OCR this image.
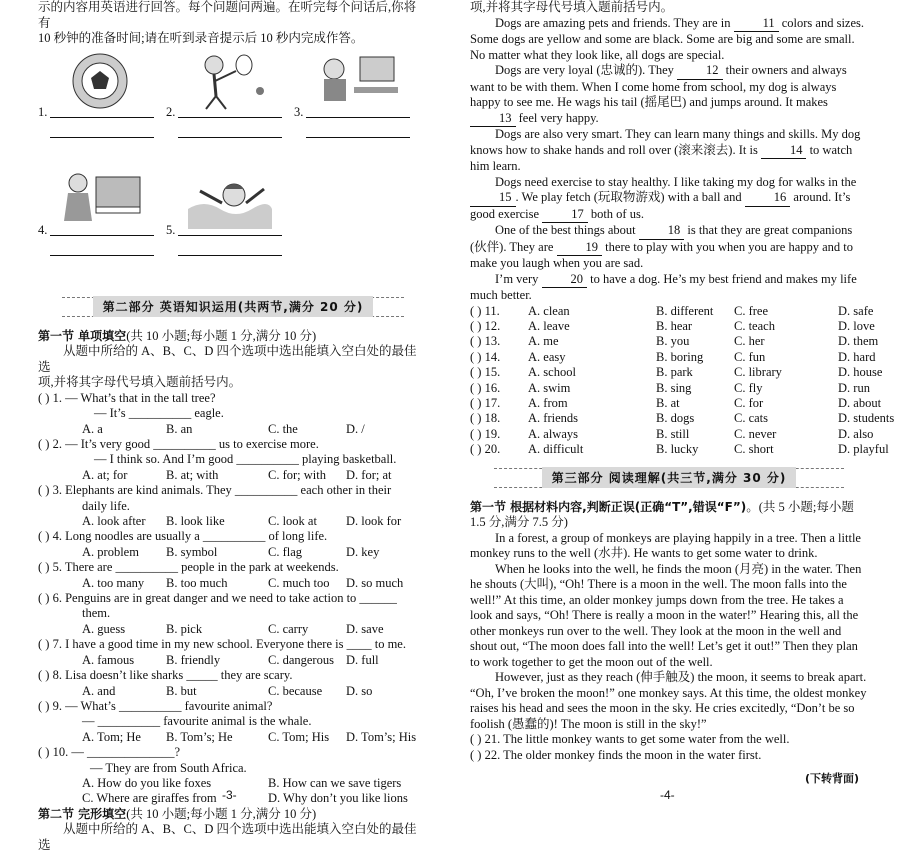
示的内容用英语进行回答。每个问题问两遍。在听完每个问话后,你将有

10 秒钟的准备时间;请在听到录音提示后 10 秒内完成作答。

1.	2.	3.
4.	5.
第二部分 英语知识运用(共两节,满分 20 分)

第一节 单项填空(共 10 小题;每小题 1 分,满分 10 分)

从题中所给的 A、B、C、D 四个选项中选出能填入空白处的最佳选

项,并将其字母代号填入题前括号内。

( ) 1. — What’s that in the tall tree?
— It’s __________ eagle.
A. a	B. an	C. the	D. /
( ) 2. — It’s very good __________ us to exercise more.
— I think so. And I’m good __________ playing basketball.
A. at; for	B. at; with	C. for; with	D. for; at
( ) 3. Elephants are kind animals. They __________ each other in their
daily life.
A. look after	B. look like	C. look at	D. look for
( ) 4. Long noodles are usually a __________ of long life.
A. problem	B. symbol	C. flag	D. key
( ) 5. There are __________ people in the park at weekends.
A. too many	B. too much	C. much too	D. so much
( ) 6. Penguins are in great danger and we need to take action to ______
them.
A. guess	B. pick	C. carry	D. save
( ) 7. I have a good time in my new school. Everyone there is ____ to me.
A. famous	B. friendly	C. dangerous D. full
( ) 8. Lisa doesn’t like sharks _____ they are scary.
A. and	B. but	C. because	D. so
( ) 9. — What’s __________ favourite animal?
— __________ favourite animal is the whale.
A. Tom; He	B. Tom’s; He	C. Tom; His	D. Tom’s; His
( ) 10. — ______________?
— They are from South Africa.
A. How do you like foxes	B. How can we save tigers
C. Where are giraffes from	D. Why don’t you like lions

第二节 完形填空(共 10 小题;每小题 1 分,满分 10 分)

从题中所给的 A、B、C、D 四个选项中选出能填入空白处的最佳选

项,并将其字母代号填入题前括号内。

Dogs are amazing pets and friends. They are in 11 colors and sizes. Some dogs are yellow and some are black. Some are big and some are small. No matter what they look like, all dogs are special.

Dogs are very loyal (忠诚的). They 12 their owners and always want to be with them. When I come home from school, my dog is always happy to see me. He wags his tail (摇尾巴) and jumps around. It makes 13 feel very happy.

Dogs are also very smart. They can learn many things and skills. My dog knows how to shake hands and roll over (滚来滚去). It is 14 to watch him learn.

Dogs need exercise to stay healthy. I like taking my dog for walks in the 15 . We play fetch (玩取物游戏) with a ball and 16 around. It’s good exercise 17 both of us.

One of the best things about 18 is that they are great companions (伙伴). They are 19 there to play with you when you are happy and to make you laugh when you are sad.

I’m very 20 to have a dog. He’s my best friend and makes my life much better.

( ) 11.	A. clean	B. different	C. free	D. safe
( ) 12.	A. leave	B. hear	C. teach	D. love
( ) 13.	A. me	B. you	C. her	D. them
( ) 14.	A. easy	B. boring	C. fun	D. hard
( ) 15.	A. school	B. park	C. library	D. house
( ) 16.	A. swim	B. sing	C. fly	D. run
( ) 17.	A. from	B. at	C. for	D. about
( ) 18.	A. friends	B. dogs	C. cats	D. students
( ) 19.	A. always	B. still	C. never	D. also
( ) 20.	A. difficult	B. lucky	C. short	D. playful
第三部分 阅读理解(共三节,满分 30 分)

第一节 根据材料内容,判断正误(正确“T”,错误“F”)。(共 5 小题;每小题 1.5 分,满分 7.5 分)

In a forest, a group of monkeys are playing happily in a tree. Then a little monkey runs to the well (水井). He wants to get some water to drink.

When he looks into the well, he finds the moon (月亮) in the water. Then he shouts (大叫), “Oh! There is a moon in the well. The moon falls into the well!” At this time, an older monkey jumps down from the tree. He takes a look and says, “Oh! There is really a moon in the water!” Hearing this, all the other monkeys run over to the well. They look at the moon in the well and shout out, “The moon does fall into the well! Let’s get it out!” Then they plan to work together to get the moon out of the well.

However, just as they reach (伸手触及) the moon, it seems to break apart. “Oh, I’ve broken the moon!” one monkey says. At this time, the oldest monkey raises his head and sees the moon in the sky. He cries excitedly, “Don’t be so foolish (愚蠢的)! The moon is still in the sky!”

( ) 21. The little monkey wants to get some water from the well.

( ) 22. The older monkey finds the moon in the water first.

(下转背面)
-3-	-4-
